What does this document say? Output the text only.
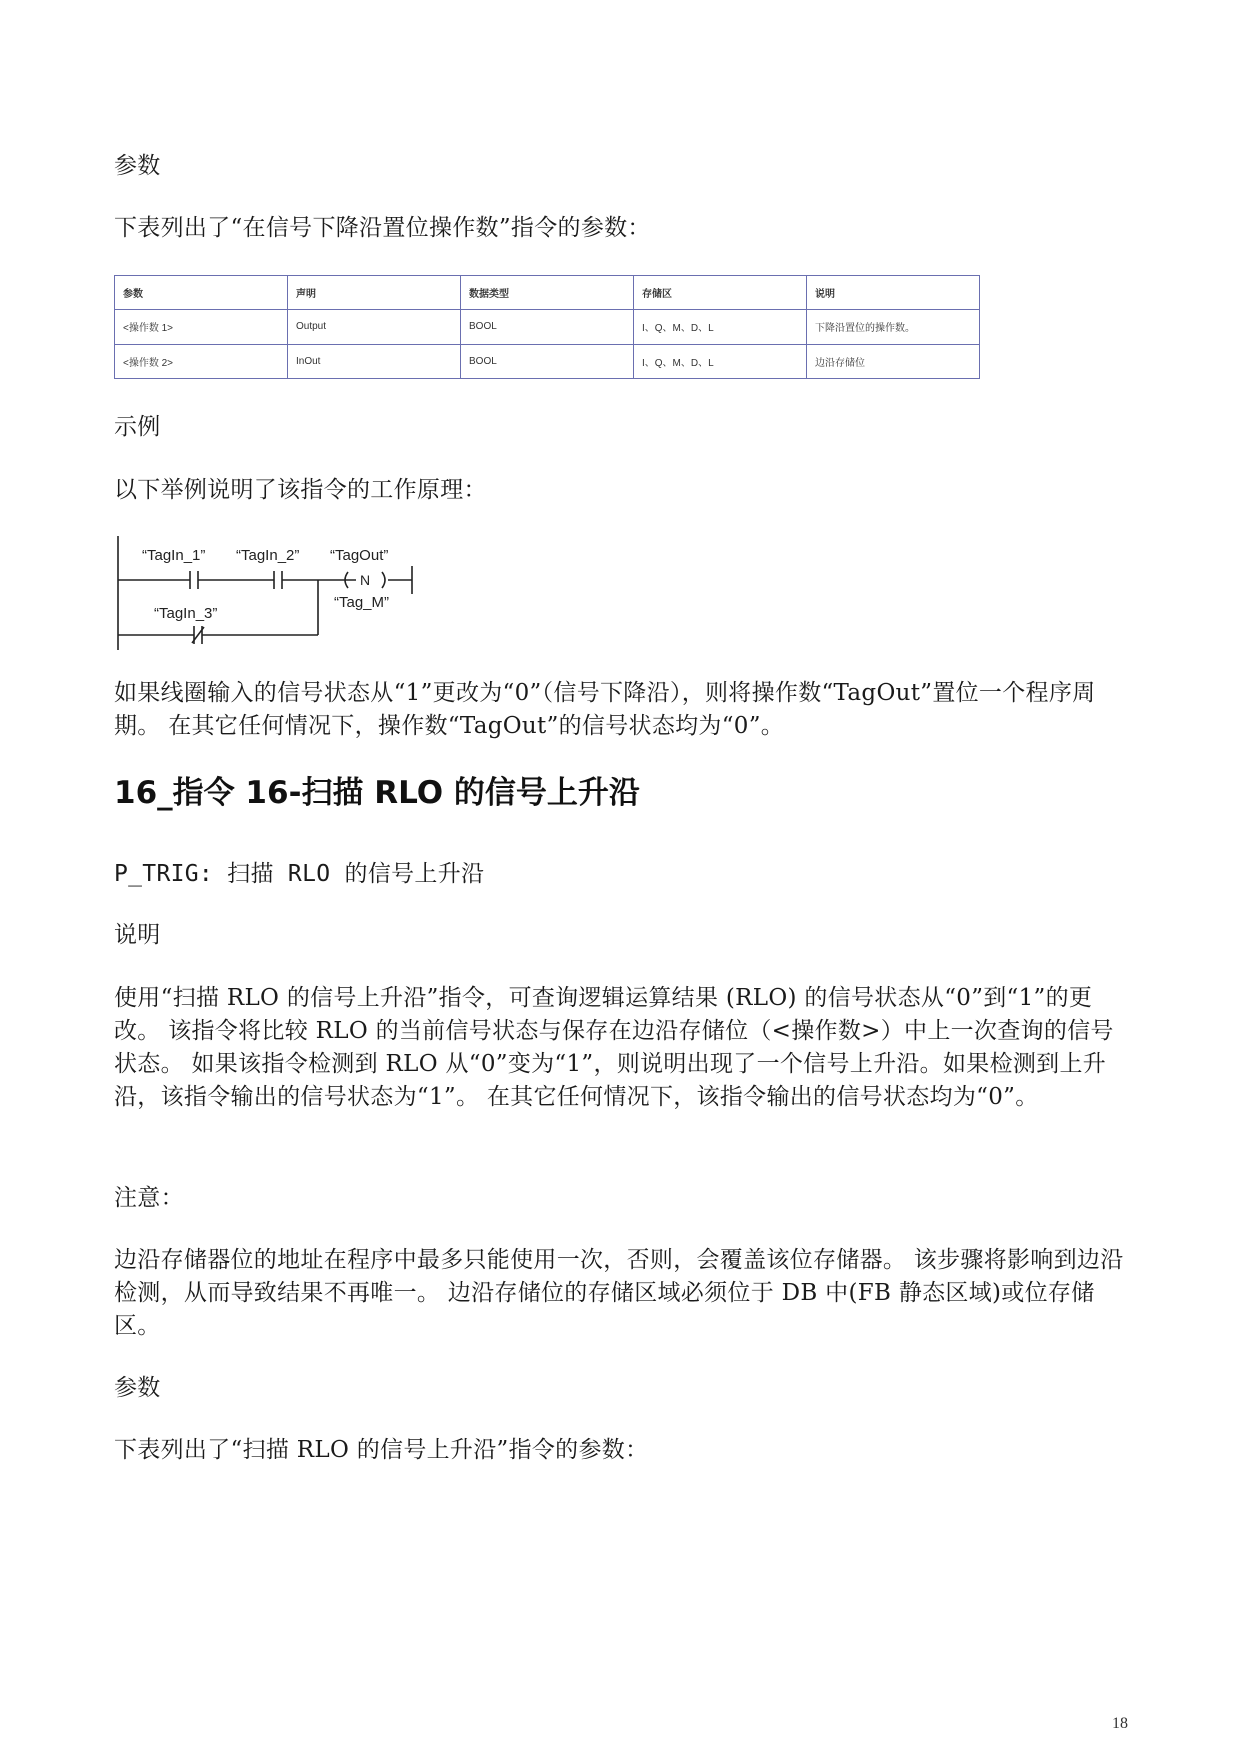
参数

下表列出了“在信号下降沿置位操作数”指令的参数：

参数	声明	数据类型	存储区	说明
<操作数 1>	Output	BOOL	I、Q、M、D、L	下降沿置位的操作数。
<操作数 2>	InOut	BOOL	I、Q、M、D、L	边沿存储位

示例

以下举例说明了该指令的工作原理：

N
“TagIn_1” “TagIn_2” “TagOut”
“Tag_M”
“TagIn_3”

如果线圈输入的信号状态从“1”更改为“0”（信号下降沿），则将操作数“TagOut”置位一个程序周期。 在其它任何情况下，操作数“TagOut”的信号状态均为“0”。

16_指令 16-扫描 RLO 的信号上升沿

P_TRIG: 扫描 RLO 的信号上升沿

说明

使用“扫描 RLO 的信号上升沿”指令，可查询逻辑运算结果 (RLO) 的信号状态从“0”到“1”的更改。 该指令将比较 RLO 的当前信号状态与保存在边沿存储位（<操作数>）中上一次查询的信号状态。 如果该指令检测到 RLO 从“0”变为“1”，则说明出现了一个信号上升沿。如果检测到上升沿，该指令输出的信号状态为“1”。 在其它任何情况下，该指令输出的信号状态均为“0”。

注意：

边沿存储器位的地址在程序中最多只能使用一次，否则，会覆盖该位存储器。 该步骤将影响到边沿检测，从而导致结果不再唯一。 边沿存储位的存储区域必须位于 DB 中(FB 静态区域)或位存储区。

参数

下表列出了“扫描 RLO 的信号上升沿”指令的参数：

18
